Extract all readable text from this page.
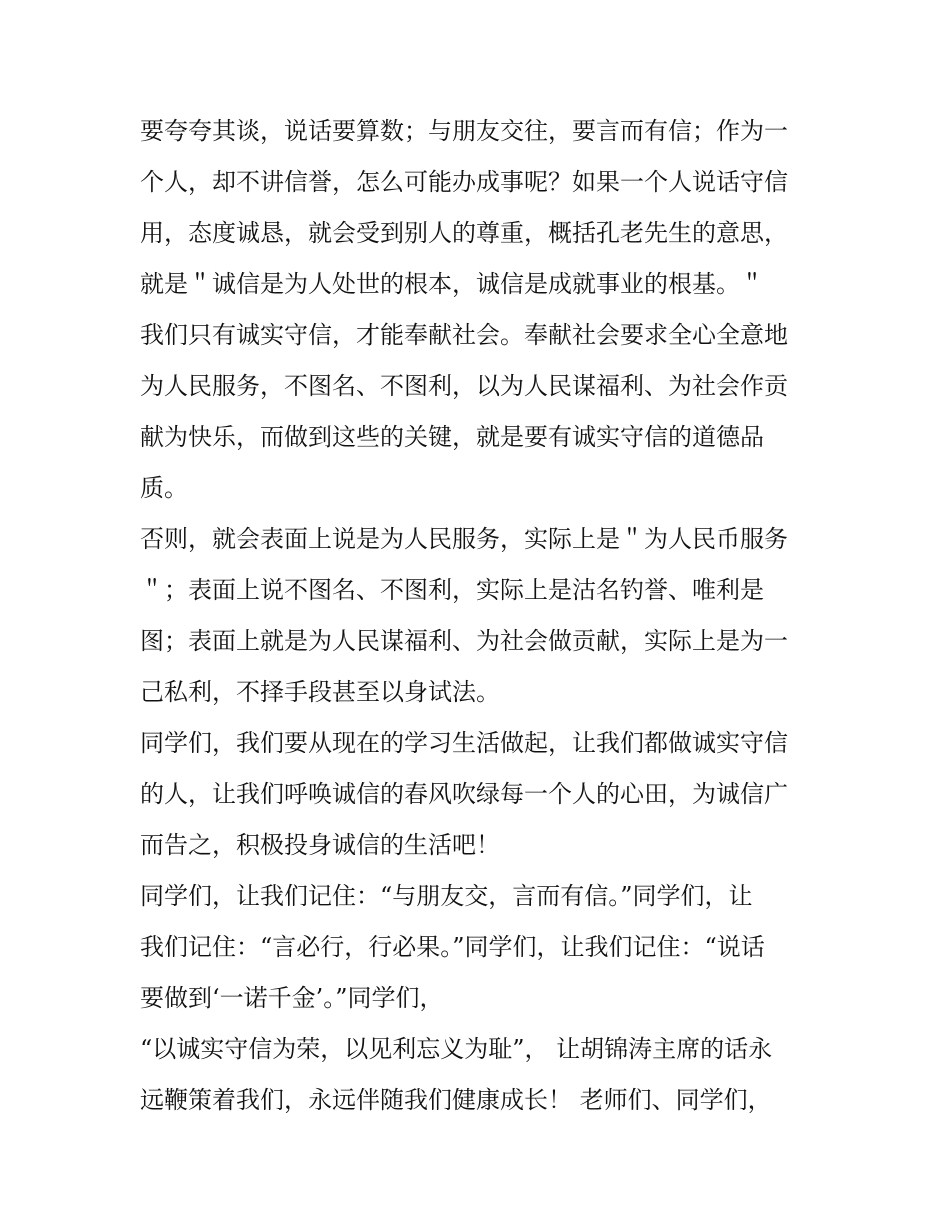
要夸夸其谈，说话要算数；与朋友交往，要言而有信；作为一
个人，却不讲信誉，怎么可能办成事呢？如果一个人说话守信
用，态度诚恳，就会受到别人的尊重，概括孔老先生的意思，
就是＂诚信是为人处世的根本，诚信是成就事业的根基。＂
我们只有诚实守信，才能奉献社会。奉献社会要求全心全意地
为人民服务，不图名、不图利，以为人民谋福利、为社会作贡
献为快乐，而做到这些的关键，就是要有诚实守信的道德品
质。
否则，就会表面上说是为人民服务，实际上是＂为人民币服务
＂；表面上说不图名、不图利，实际上是沽名钓誉、唯利是
图；表面上就是为人民谋福利、为社会做贡献，实际上是为一
己私利，不择手段甚至以身试法。
同学们，我们要从现在的学习生活做起，让我们都做诚实守信
的人，让我们呼唤诚信的春风吹绿每一个人的心田，为诚信广
而告之，积极投身诚信的生活吧！
同学们，让我们记住：“与朋友交，言而有信。”同学们，让
我们记住：“言必行，行必果。”同学们，让我们记住：“说话
要做到‘一诺千金’。”同学们，
“以诚实守信为荣，以见利忘义为耻”， 让胡锦涛主席的话永
远鞭策着我们，永远伴随我们健康成长！ 老师们、同学们，
